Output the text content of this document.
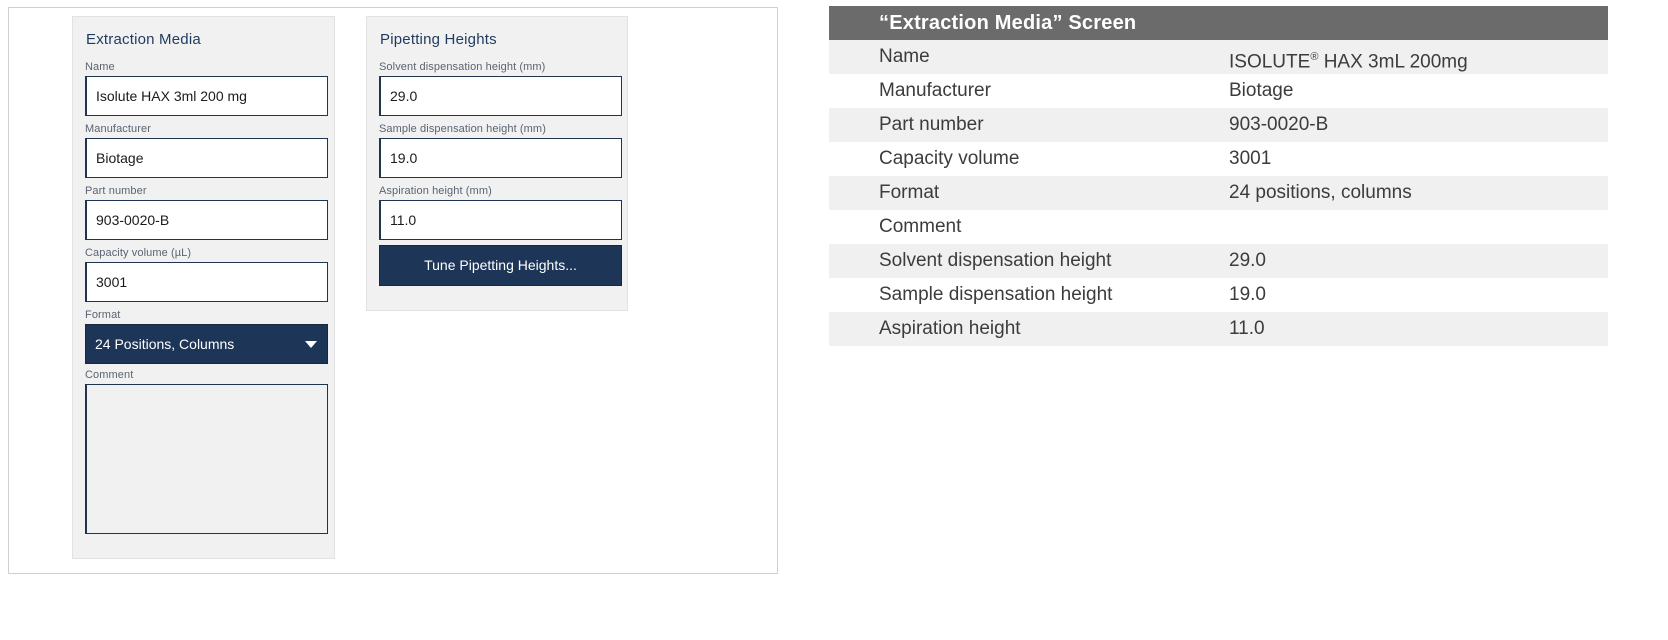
Extraction Media
Name
Isolute HAX 3ml 200 mg
Manufacturer
Biotage
Part number
903-0020-B
Capacity volume (µL)
3001
Format
24 Positions, Columns
Comment
Pipetting Heights
Solvent dispensation height (mm)
29.0
Sample dispensation height (mm)
19.0
Aspiration height (mm)
11.0
Tune Pipetting Heights...
“Extraction Media” Screen
Name	ISOLUTE® HAX 3mL 200mg
Manufacturer	Biotage
Part number	903-0020-B
Capacity volume	3001
Format	24 positions, columns
Comment
Solvent dispensation height	29.0
Sample dispensation height	19.0
Aspiration height	11.0
